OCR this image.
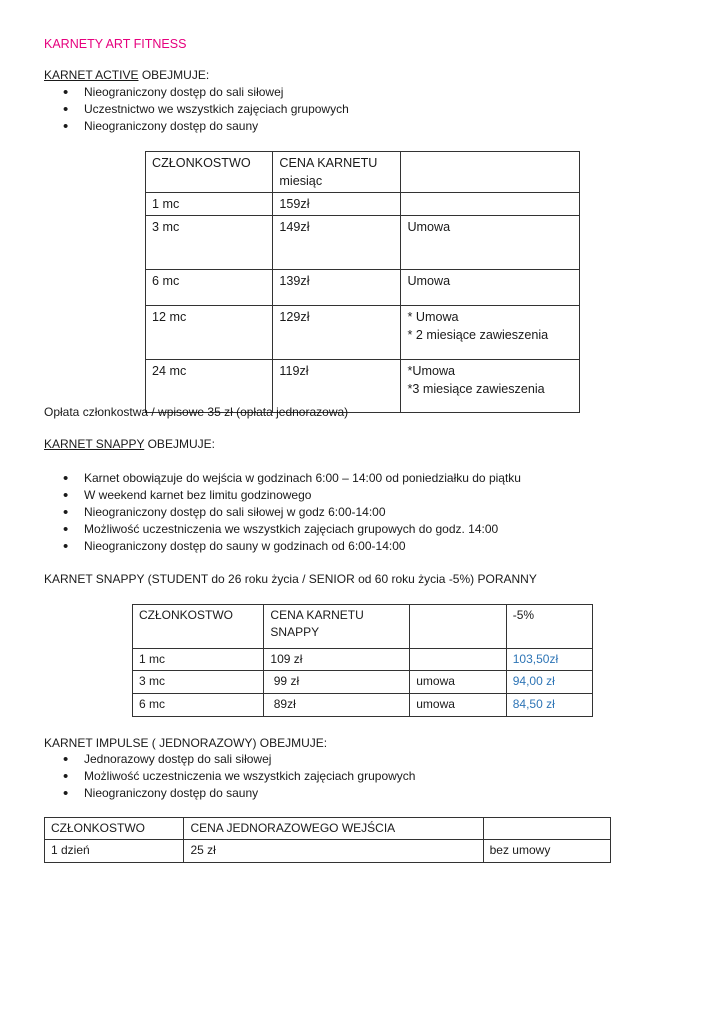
KARNETY ART FITNESS
KARNET ACTIVE OBEJMUJE:
• Nieograniczony dostęp do sali siłowej
• Uczestnictwo we wszystkich zajęciach grupowych
• Nieograniczony dostęp do sauny
CZŁONKOSTWO	CENA KARNETU miesiąc	
1 mc	159zł	
3 mc	149zł	Umowa
6 mc	139zł	Umowa
12 mc	129zł	* Umowa
* 2 miesiące zawieszenia
24 mc	119zł	*Umowa
*3 miesiące zawieszenia

Opłata członkostwa / wpisowe 35 zł (opłata jednorazowa)

KARNET SNAPPY OBEJMUJE:
• Karnet obowiązuje do wejścia w godzinach 6:00 – 14:00 od poniedziałku do piątku
• W weekend karnet bez limitu godzinowego
• Nieograniczony dostęp do sali siłowej w godz 6:00-14:00
• Możliwość uczestniczenia we wszystkich zajęciach grupowych do godz. 14:00
• Nieograniczony dostęp do sauny w godzinach od 6:00-14:00

KARNET SNAPPY (STUDENT do 26 roku życia / SENIOR od 60 roku życia -5%) PORANNY

CZŁONKOSTWO	CENA KARNETU SNAPPY		-5%
1 mc	109 zł		103,50zł
3 mc	99 zł	umowa	94,00 zł
6 mc	89zł	umowa	84,50 zł

KARNET IMPULSE ( JEDNORAZOWY) OBEJMUJE:

• Jednorazowy dostęp do sali siłowej
• Możliwość uczestniczenia we wszystkich zajęciach grupowych
• Nieograniczony dostęp do sauny
CZŁONKOSTWO	CENA JEDNORAZOWEGO WEJŚCIA	
1 dzień	25 zł	bez umowy
